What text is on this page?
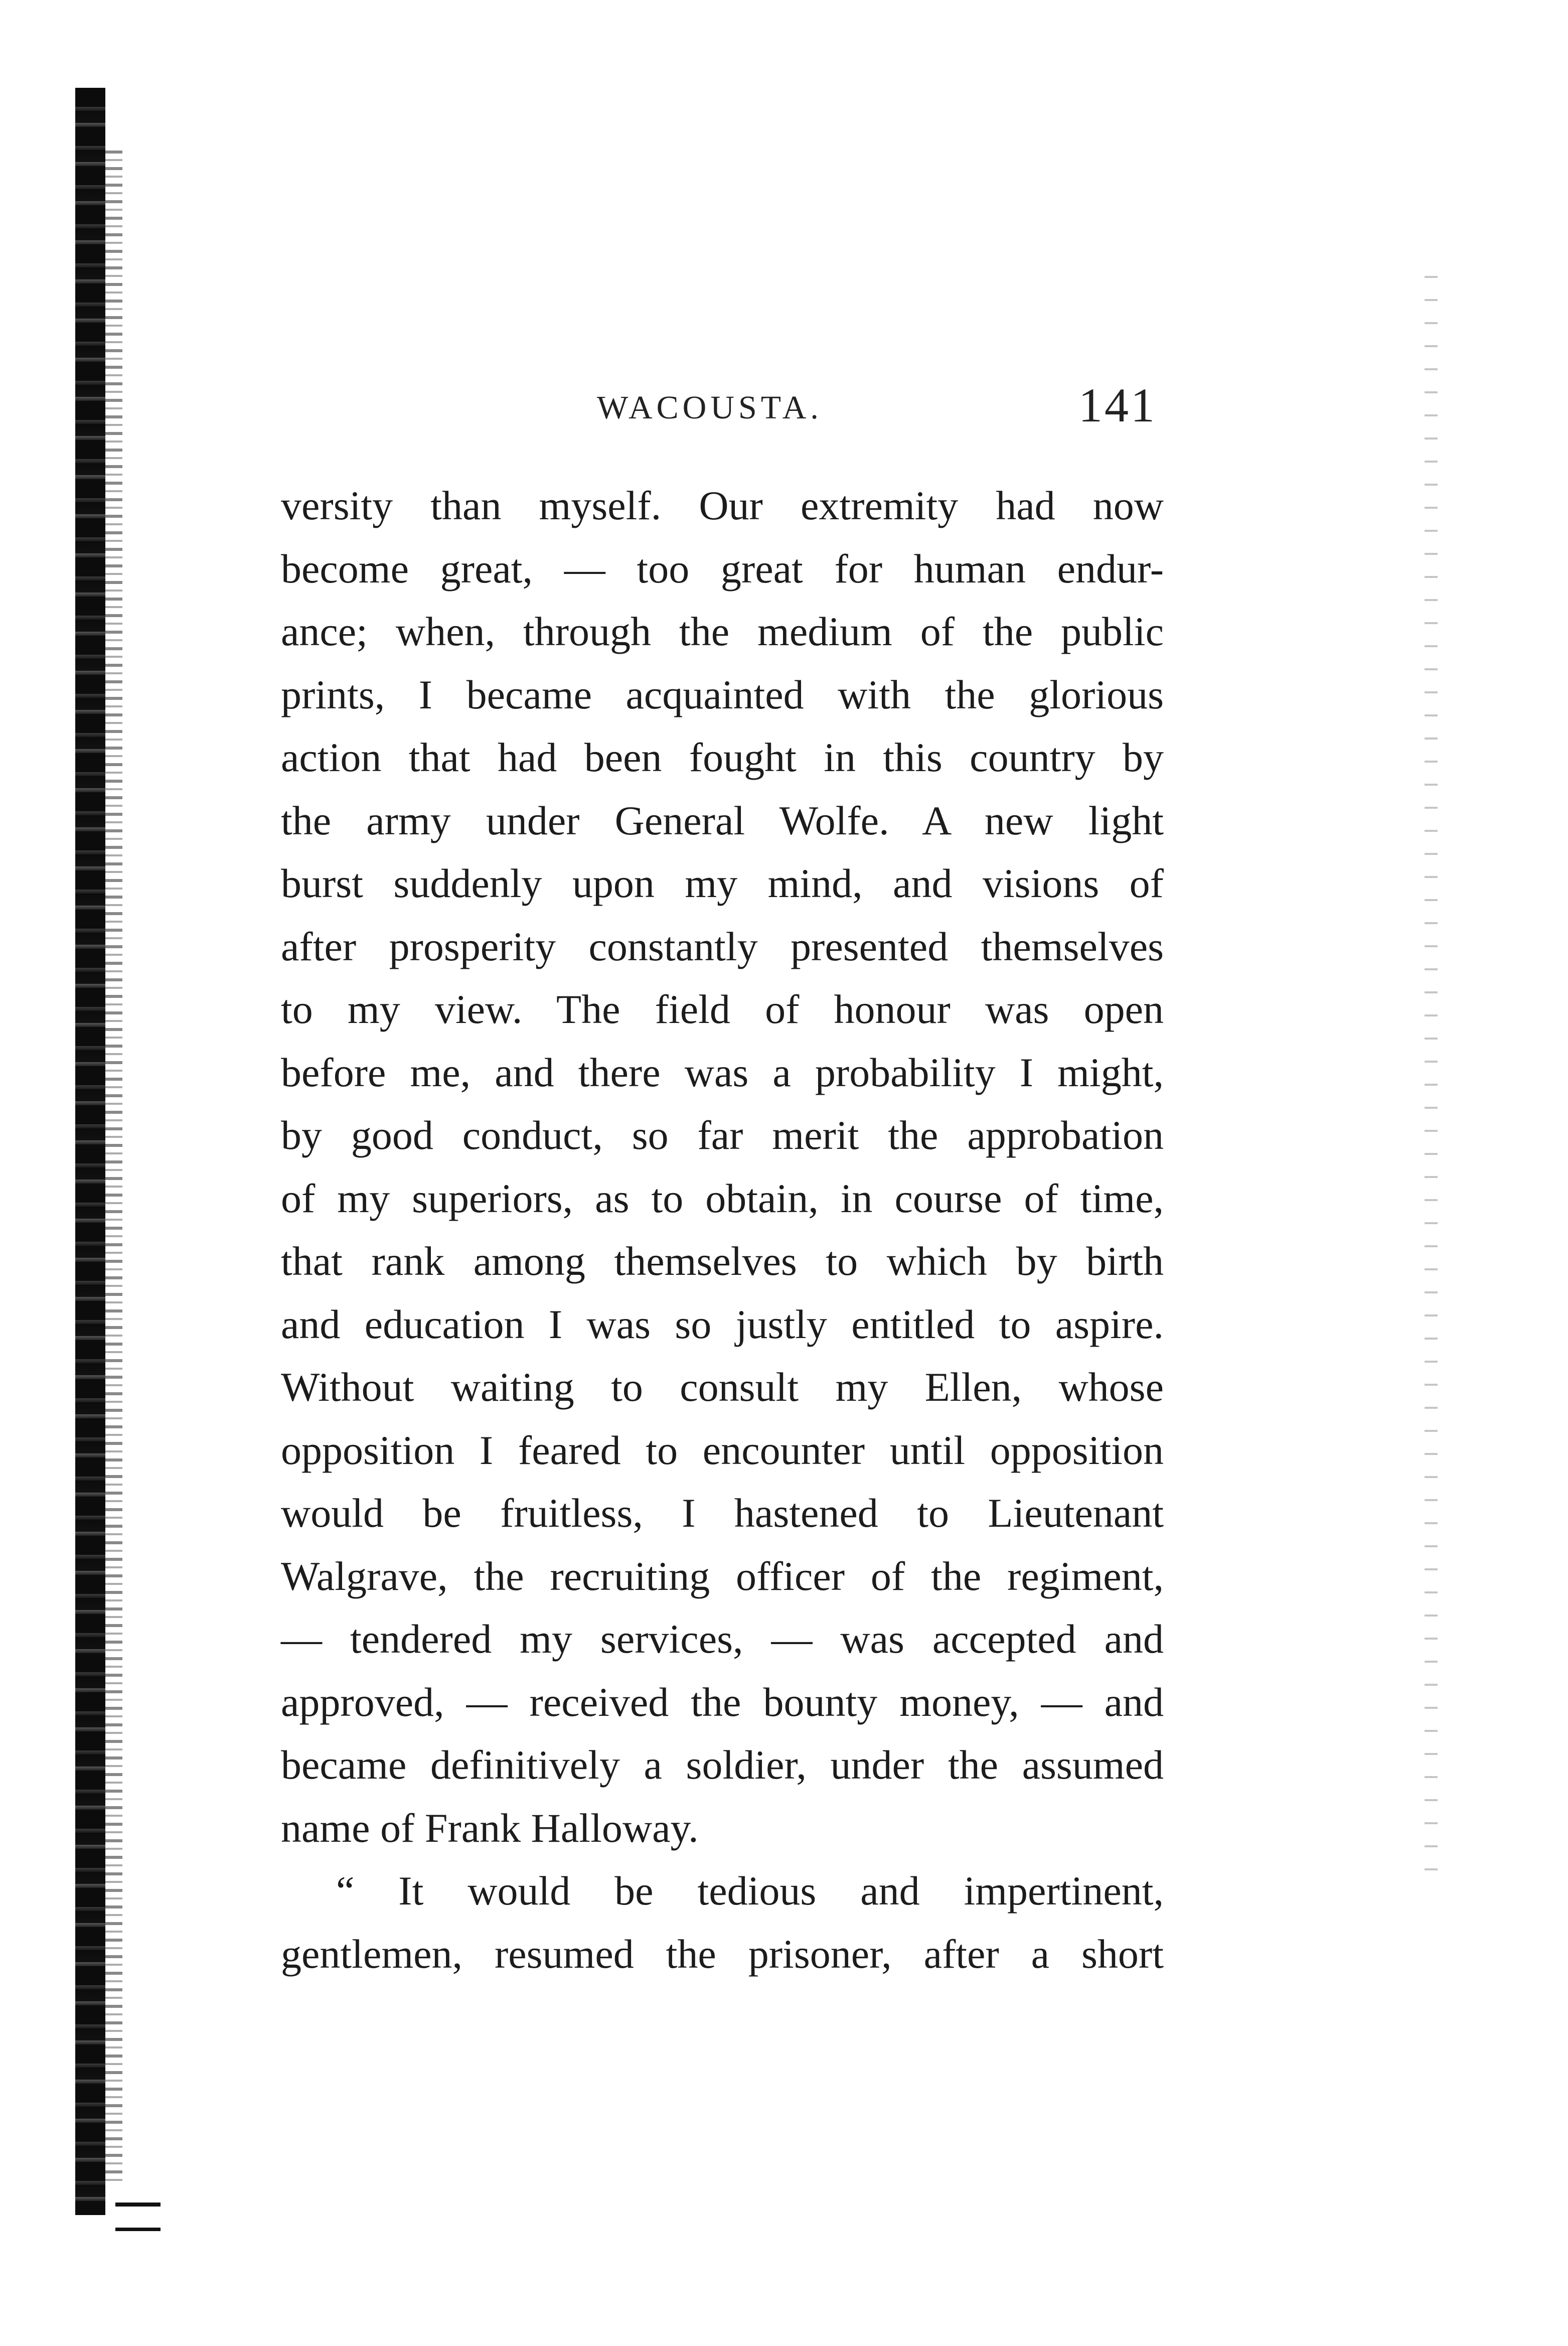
WACOUSTA.	141
versity than myself. Our extremity had now
become great, — too great for human endur-
ance; when, through the medium of the public
prints, I became acquainted with the glorious
action that had been fought in this country by
the army under General Wolfe. A new light
burst suddenly upon my mind, and visions of
after prosperity constantly presented themselves
to my view. The field of honour was open
before me, and there was a probability I might,
by good conduct, so far merit the approbation
of my superiors, as to obtain, in course of time,
that rank among themselves to which by birth
and education I was so justly entitled to aspire.
Without waiting to consult my Ellen, whose
opposition I feared to encounter until opposition
would be fruitless, I hastened to Lieutenant
Walgrave, the recruiting officer of the regiment,
— tendered my services, — was accepted and
approved, — received the bounty money, — and
became definitively a soldier, under the assumed
name of Frank Halloway.
“ It would be tedious and impertinent,
gentlemen, resumed the prisoner, after a short
